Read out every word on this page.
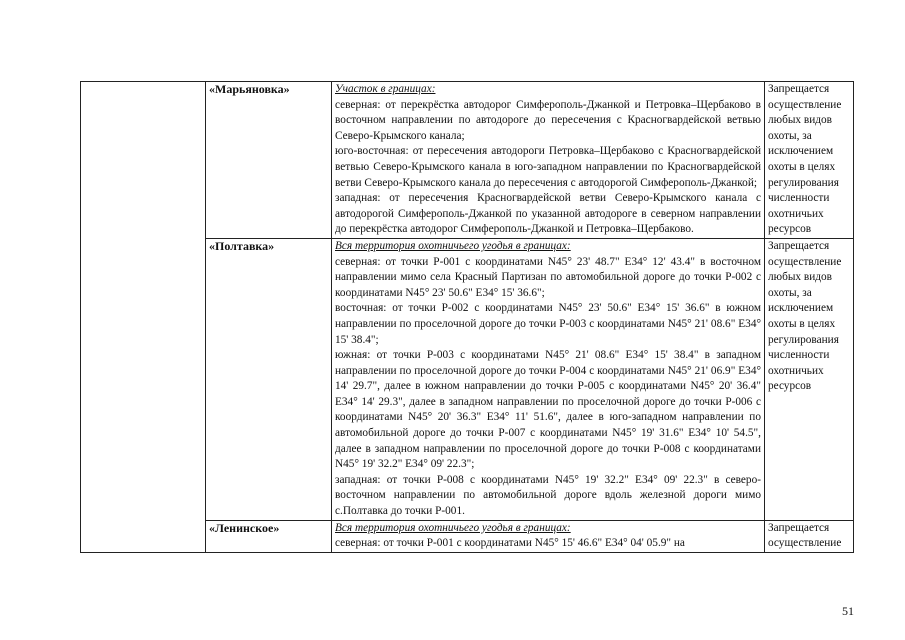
	«Марьяновка»	Участок в границах:

северная: от перекрёстка автодорог Симферополь-Джанкой и Петровка–Щербаково в восточном направлении по автодороге до пересечения с Красногвардейской ветвью Северо-Крымского канала;

юго-восточная: от пересечения автодороги Петровка–Щербаково с Красногвардейской ветвью Северо-Крымского канала в юго-западном направлении по Красногвардейской ветви Северо-Крымского канала до пересечения с автодорогой Симферополь-Джанкой;

западная: от пересечения Красногвардейской ветви Северо-Крымского канала с автодорогой Симферополь-Джанкой по указанной автодороге в северном направлении до перекрёстка автодорог Симферополь-Джанкой и Петровка–Щербаково.	Запрещается осуществление любых видов охоты, за исключением охоты в целях регулирования численности охотничьих ресурсов
	«Полтавка»	Вся территория охотничьего угодья в границах:

северная: от точки Р-001 с координатами N45° 23' 48.7" E34° 12' 43.4" в восточном направлении мимо села Красный Партизан по автомобильной дороге до точки Р-002 с координатами N45° 23' 50.6" E34° 15' 36.6";

восточная: от точки Р-002 с координатами N45° 23' 50.6" E34° 15' 36.6" в южном направлении по проселочной дороге до точки Р-003 с координатами N45° 21' 08.6" E34° 15' 38.4";

южная: от точки Р-003 с координатами N45° 21' 08.6" E34° 15' 38.4" в западном направлении по проселочной дороге до точки Р-004 с координатами N45° 21' 06.9" E34° 14' 29.7", далее в южном направлении до точки Р-005 с координатами N45° 20' 36.4" E34° 14' 29.3", далее в западном направлении по проселочной дороге до точки Р-006 с координатами N45° 20' 36.3" E34° 11' 51.6", далее в юго-западном направлении по автомобильной дороге до точки Р-007 с координатами N45° 19' 31.6" E34° 10' 54.5", далее в западном направлении по проселочной дороге до точки Р-008 с координатами N45° 19' 32.2" E34° 09' 22.3";

западная: от точки Р-008 с координатами N45° 19' 32.2" E34° 09' 22.3" в северо-восточном направлении по автомобильной дороге вдоль железной дороги мимо с.Полтавка до точки Р-001.	Запрещается осуществление любых видов охоты, за исключением охоты в целях регулирования численности охотничьих ресурсов
	«Ленинское»	Вся территория охотничьего угодья в границах:

северная: от точки Р-001 с координатами N45° 15' 46.6" E34° 04' 05.9" на	Запрещается осуществление
51
